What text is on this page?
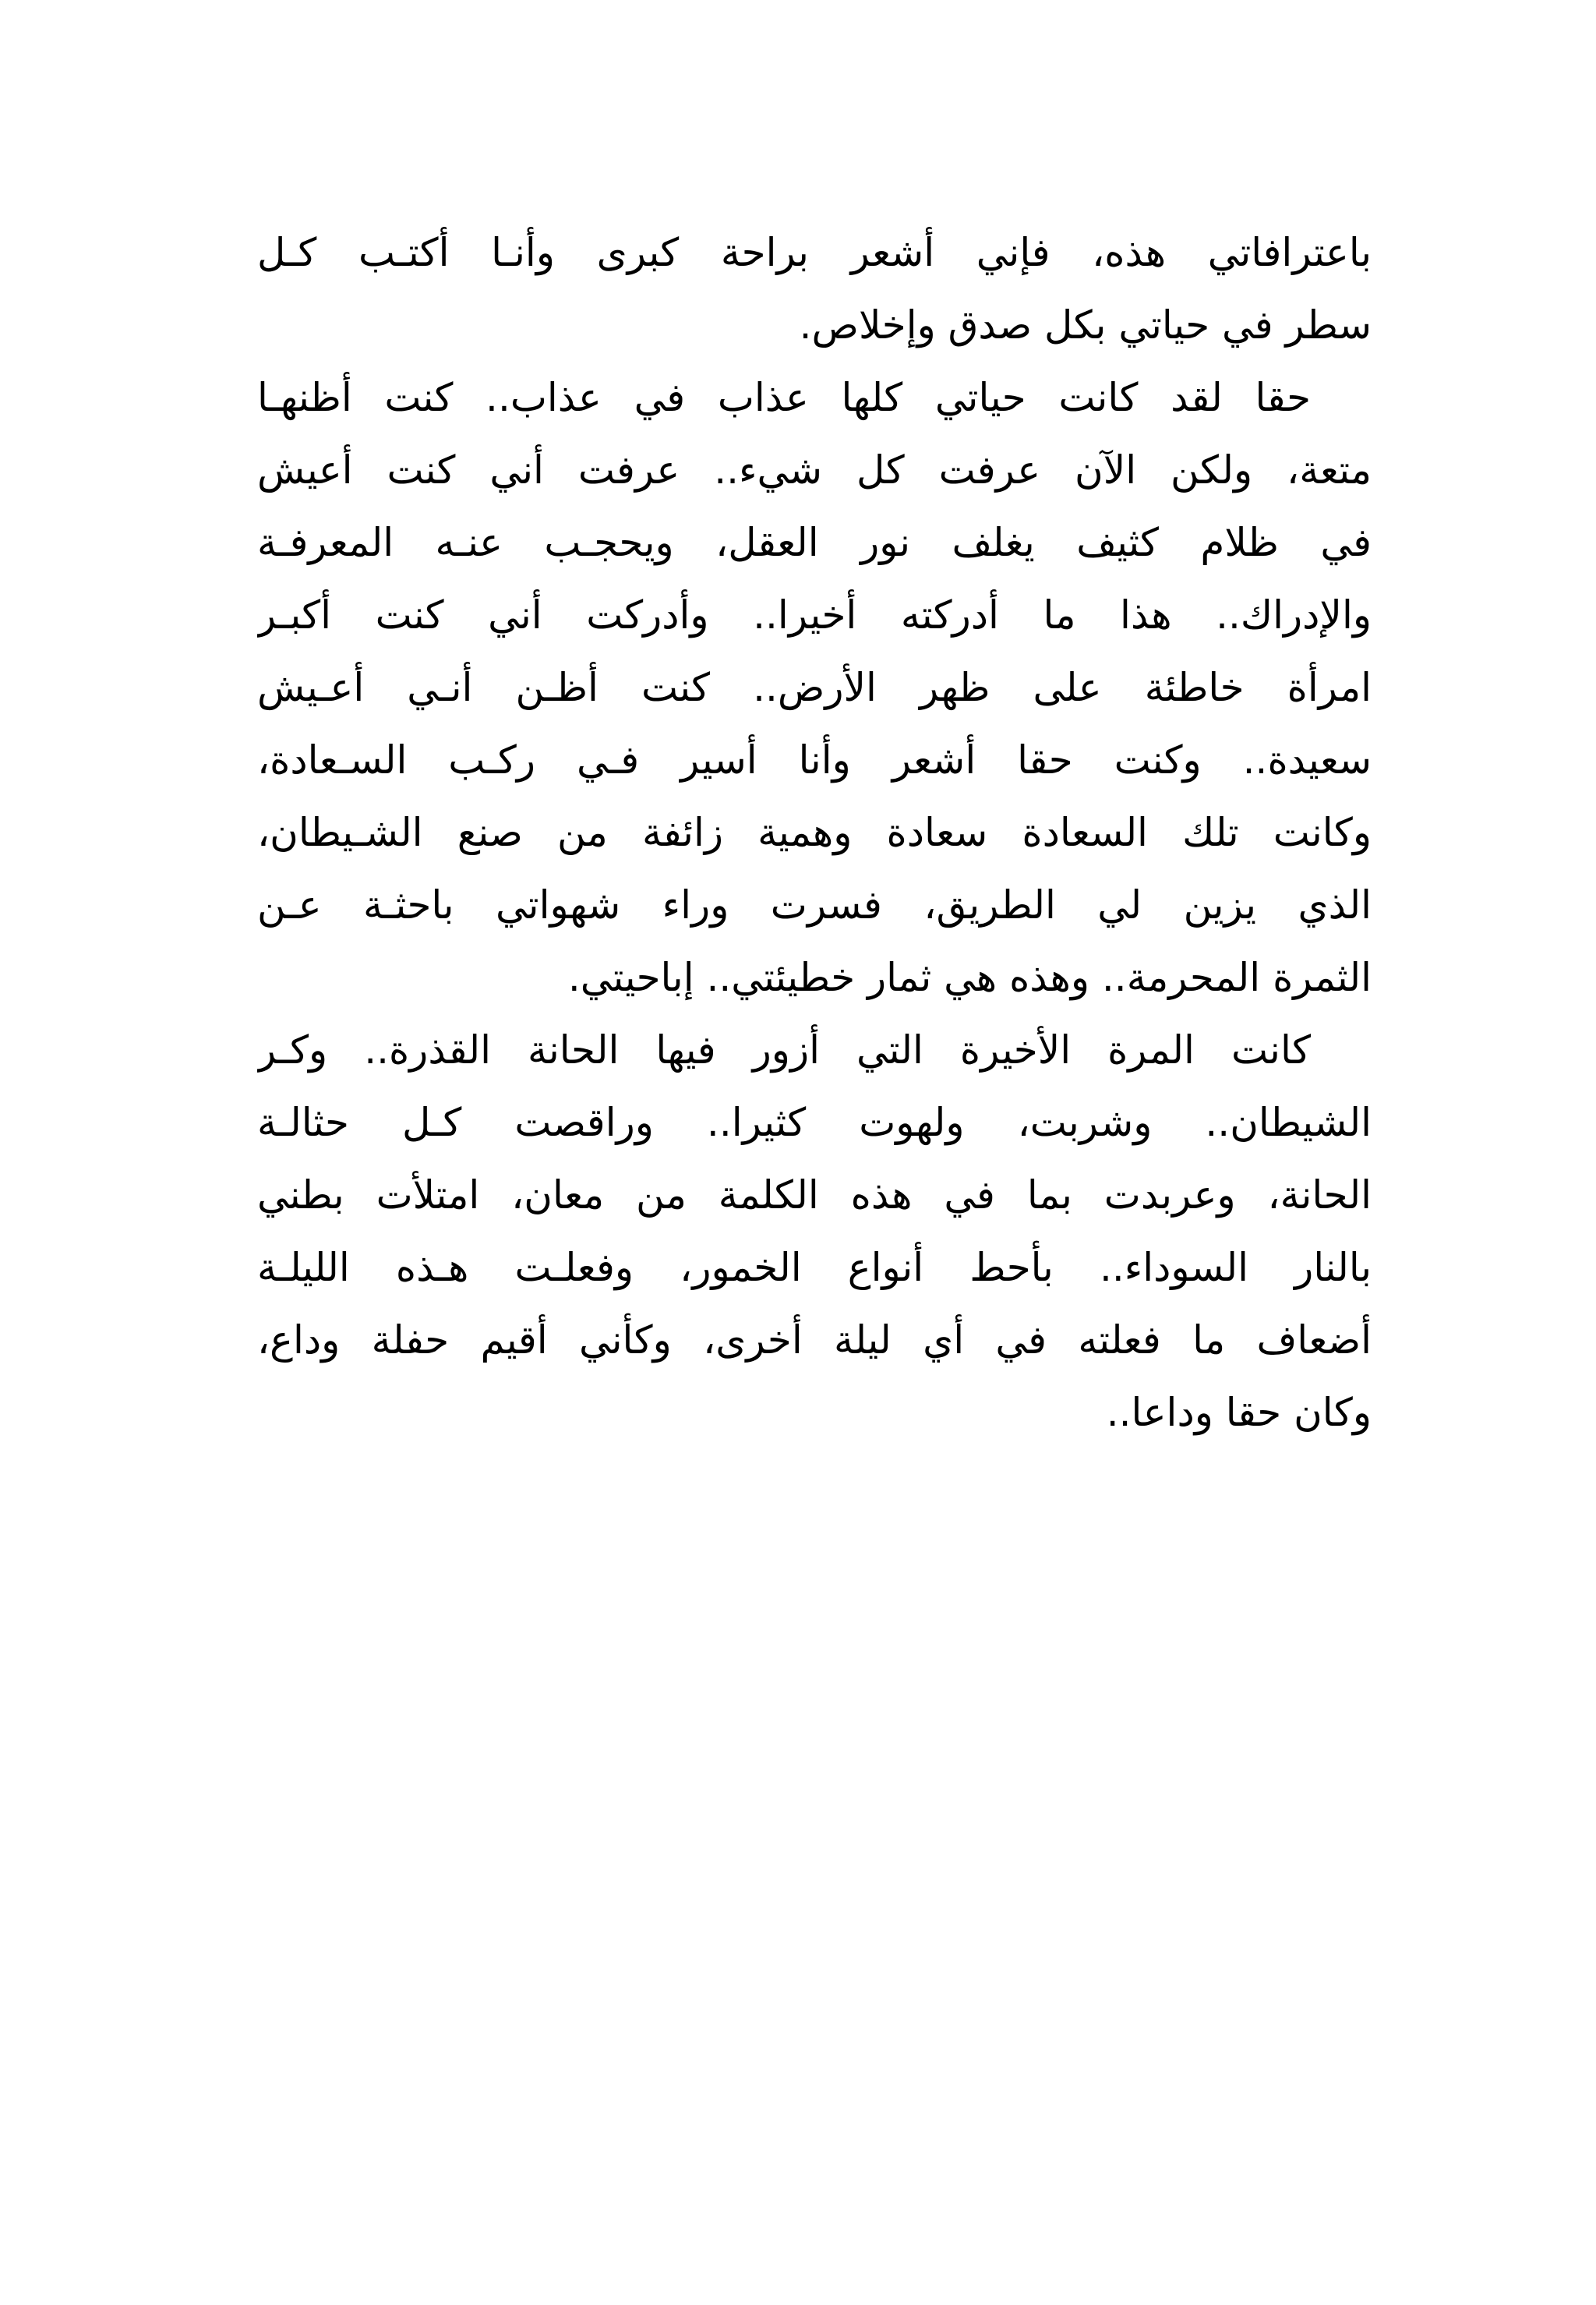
باعترافاتي هذه، فإني أشعر براحة كبرى وأنـا أكتـب كـل
سطر في حياتي بكل صدق وإخلاص.
حقا لقد كانت حياتي كلها عذاب في عذاب.. كنت أظنهـا
متعة، ولكن الآن عرفت كل شيء.. عرفت أني كنت أعيش
في ظلام كثيف يغلف نور العقل، ويحجـب عنـه المعرفـة
والإدراك.. هذا ما أدركته أخيرا.. وأدركت أني كنت أكبـر
امرأة خاطئة على ظهر الأرض.. كنت أظـن أنـي أعـيش
سعيدة.. وكنت حقا أشعر وأنا أسير فـي ركـب السـعادة،
وكانت تلك السعادة سعادة وهمية زائفة من صنع الشـيطان،
الذي يزين لي الطريق، فسرت وراء شهواتي باحثـة عـن
الثمرة المحرمة.. وهذه هي ثمار خطيئتي.. إباحيتي.
كانت المرة الأخيرة التي أزور فيها الحانة القذرة.. وكـر
الشيطان.. وشربت، ولهوت كثيرا.. وراقصت كـل حثالـة
الحانة، وعربدت بما في هذه الكلمة من معان، امتلأت بطني
بالنار السوداء.. بأحط أنواع الخمور، وفعلـت هـذه الليلـة
أضعاف ما فعلته في أي ليلة أخرى، وكأني أقيم حفلة وداع،
وكان حقا وداعا..
